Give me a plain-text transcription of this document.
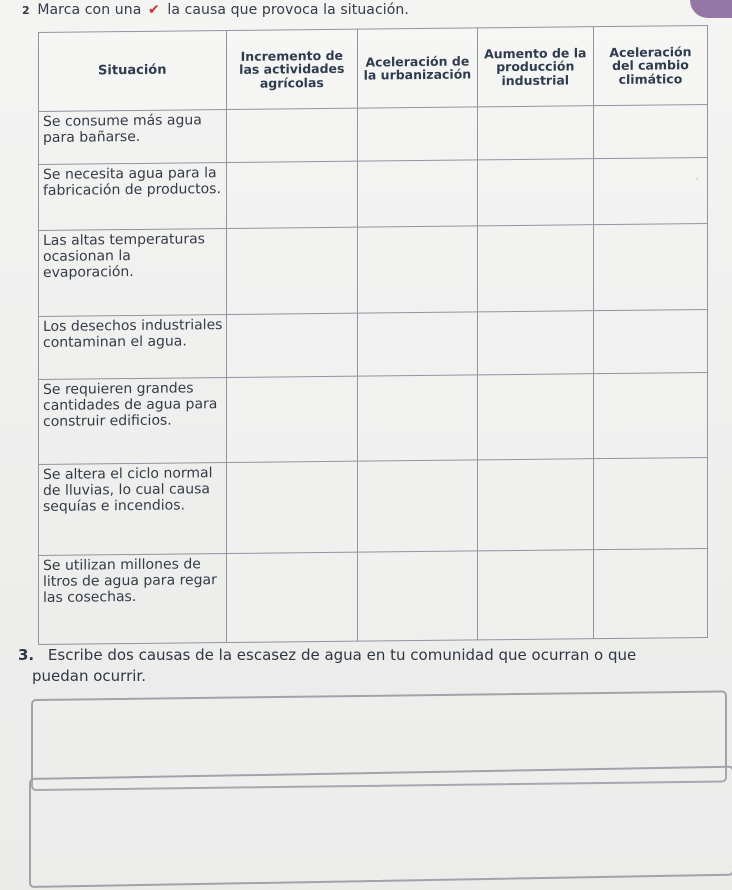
2 Marca con una ✔ la causa que provoca la situación.
Situación	Incremento de las actividades agrícolas	Aceleración de la urbanización	Aumento de la producción industrial	Aceleración del cambio climático
Se consume más agua para bañarse.				
Se necesita agua para la fabricación de productos.				
Las altas temperaturas ocasionan la evaporación.				
Los desechos industriales contaminan el agua.				
Se requieren grandes cantidades de agua para construir edificios.				
Se altera el ciclo normal de lluvias, lo cual causa sequías e incendios.				
Se utilizan millones de litros de agua para regar las cosechas.				
3. Escribe dos causas de la escasez de agua en tu comunidad que ocurran o que
puedan ocurrir.
